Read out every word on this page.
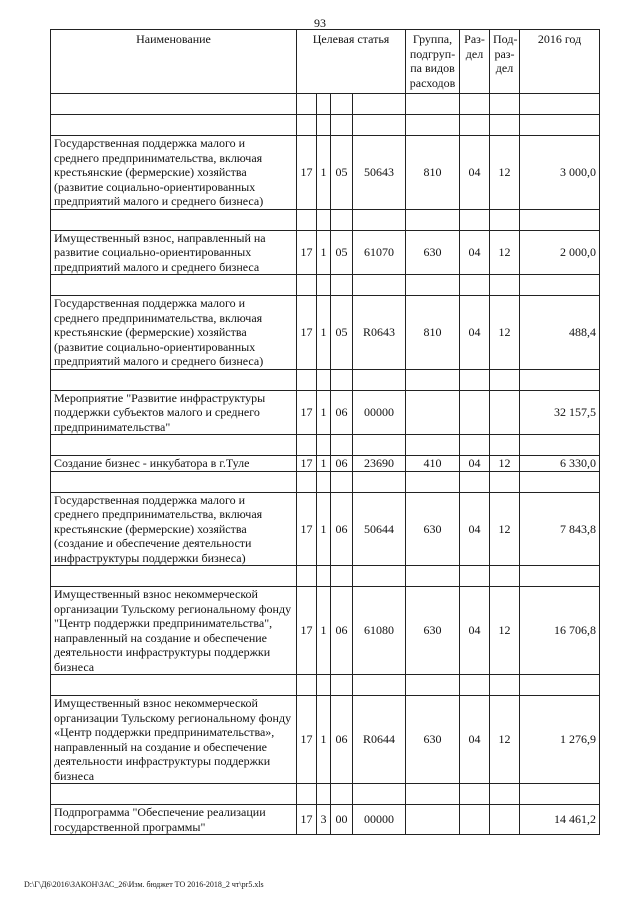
93
Наименование	Целевая статья				Группа,
подгруп-
па видов
расходов	Раз-
дел	Под-
раз-
дел	2016 год

Государственная поддержка малого и среднего предпринимательства, включая крестьянские (фермерские) хозяйства (развитие социально-ориентированных предприятий малого и среднего бизнеса)	17	1	05	50643	810	04	12	3 000,0

Имущественный взнос, направленный на развитие социально-ориентированных предприятий малого и среднего бизнеса	17	1	05	61070	630	04	12	2 000,0

Государственная поддержка малого и среднего предпринимательства, включая крестьянские (фермерские) хозяйства (развитие социально-ориентированных предприятий малого и среднего бизнеса)	17	1	05	R0643	810	04	12	488,4

Мероприятие "Развитие инфраструктуры поддержки субъектов малого и среднего предпринимательства"	17	1	06	00000				32 157,5

Создание бизнес - инкубатора в г.Туле	17	1	06	23690	410	04	12	6 330,0

Государственная поддержка малого и среднего предпринимательства, включая крестьянские (фермерские) хозяйства (создание и обеспечение деятельности инфраструктуры поддержки бизнеса)	17	1	06	50644	630	04	12	7 843,8

Имущественный взнос некоммерческой организации Тульскому региональному фонду "Центр поддержки предпринимательства", направленный на создание и обеспечение деятельности инфраструктуры поддержки бизнеса	17	1	06	61080	630	04	12	16 706,8

Имущественный взнос некоммерческой организации Тульскому региональному фонду «Центр поддержки предпринимательства», направленный на создание и обеспечение деятельности инфраструктуры поддержки бизнеса	17	1	06	R0644	630	04	12	1 276,9

Подпрограмма "Обеспечение реализации государственной программы"	17	3	00	00000				14 461,2
D:\Г\Д6\2016\ЗАКОН\ЗАС_26\Изм. бюджет ТО 2016-2018_2 чт\pr5.xls
